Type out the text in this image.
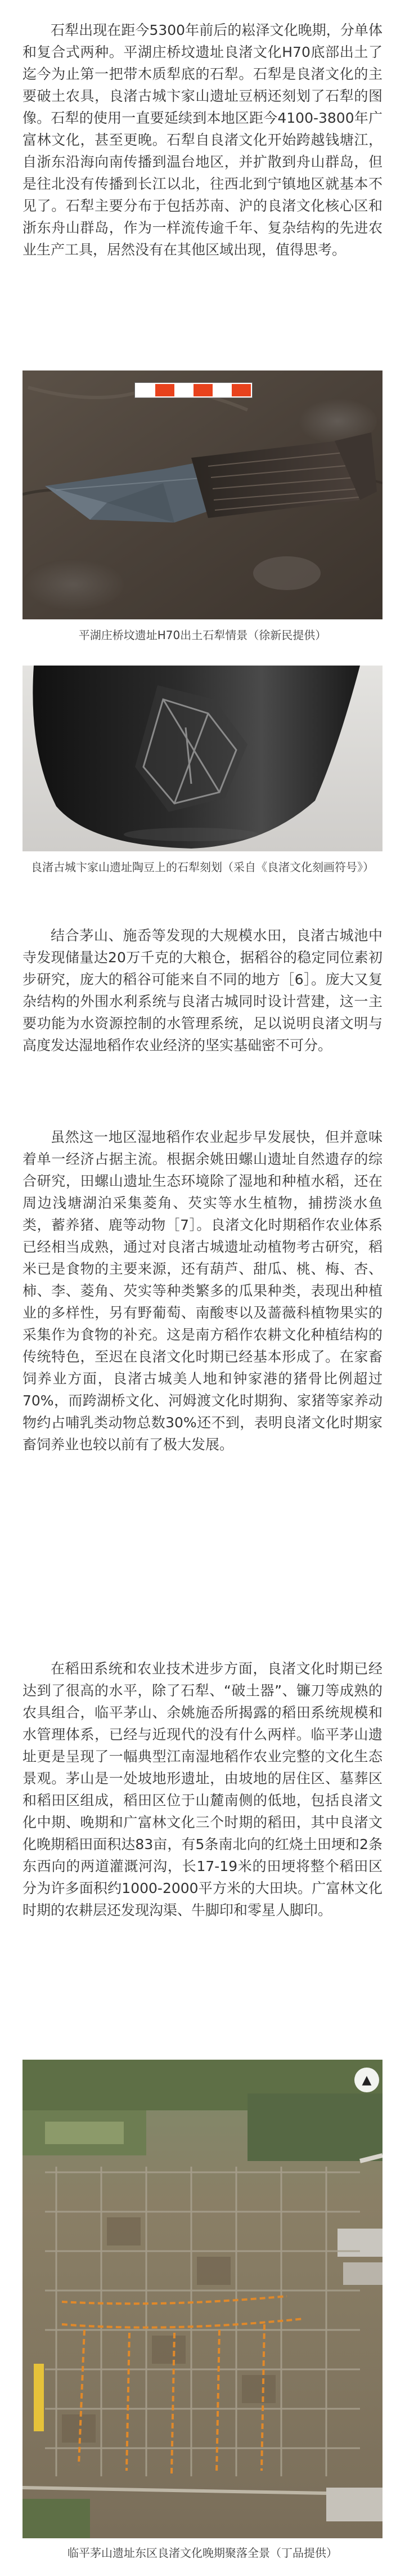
石犁出现在距今5300年前后的崧泽文化晚期，分单体和复合式两种。平湖庄桥坟遗址良渚文化H70底部出土了迄今为止第一把带木质犁底的石犁。石犁是良渚文化的主要破土农具，良渚古城卞家山遗址豆柄还刻划了石犁的图像。石犁的使用一直要延续到本地区距今4100-3800年广富林文化，甚至更晚。石犁自良渚文化开始跨越钱塘江，自浙东沿海向南传播到温台地区，并扩散到舟山群岛，但是往北没有传播到长江以北，往西北到宁镇地区就基本不见了。石犁主要分布于包括苏南、沪的良渚文化核心区和浙东舟山群岛，作为一样流传逾千年、复杂结构的先进农业生产工具，居然没有在其他区域出现，值得思考。

平湖庄桥坟遗址H70出土石犁情景（徐新民提供）

良渚古城卞家山遗址陶豆上的石犁刻划（采自《良渚文化刻画符号》）

结合茅山、施岙等发现的大规模水田，良渚古城池中寺发现储量达20万千克的大粮仓，据稻谷的稳定同位素初步研究，庞大的稻谷可能来自不同的地方［6］。庞大又复杂结构的外围水利系统与良渚古城同时设计营建，这一主要功能为水资源控制的水管理系统，足以说明良渚文明与高度发达湿地稻作农业经济的坚实基础密不可分。

虽然这一地区湿地稻作农业起步早发展快，但并意味着单一经济占据主流。根据余姚田螺山遗址自然遗存的综合研究，田螺山遗址生态环境除了湿地和种植水稻，还在周边浅塘湖泊采集菱角、芡实等水生植物，捕捞淡水鱼类，蓄养猪、鹿等动物［7］。良渚文化时期稻作农业体系已经相当成熟，通过对良渚古城遗址动植物考古研究，稻米已是食物的主要来源，还有葫芦、甜瓜、桃、梅、杏、柿、李、菱角、芡实等种类繁多的瓜果种类，表现出种植业的多样性，另有野葡萄、南酸枣以及蔷薇科植物果实的采集作为食物的补充。这是南方稻作农耕文化种植结构的传统特色，至迟在良渚文化时期已经基本形成了。在家畜饲养业方面，良渚古城美人地和钟家港的猪骨比例超过70%，而跨湖桥文化、河姆渡文化时期狗、家猪等家养动物约占哺乳类动物总数30%还不到，表明良渚文化时期家畜饲养业也较以前有了极大发展。

在稻田系统和农业技术进步方面，良渚文化时期已经达到了很高的水平，除了石犁、“破土器”、镰刀等成熟的农具组合，临平茅山、余姚施岙所揭露的稻田系统规模和水管理体系，已经与近现代的没有什么两样。临平茅山遗址更是呈现了一幅典型江南湿地稻作农业完整的文化生态景观。茅山是一处坡地形遗址，由坡地的居住区、墓葬区和稻田区组成，稻田区位于山麓南侧的低地，包括良渚文化中期、晚期和广富林文化三个时期的稻田，其中良渚文化晚期稻田面积达83亩，有5条南北向的红烧土田埂和2条东西向的两道灌溉河沟，长17-19米的田埂将整个稻田区分为许多面积约1000-2000平方米的大田块。广富林文化时期的农耕层还发现沟渠、牛脚印和零星人脚印。

▲

临平茅山遗址东区良渚文化晚期聚落全景（丁品提供）
